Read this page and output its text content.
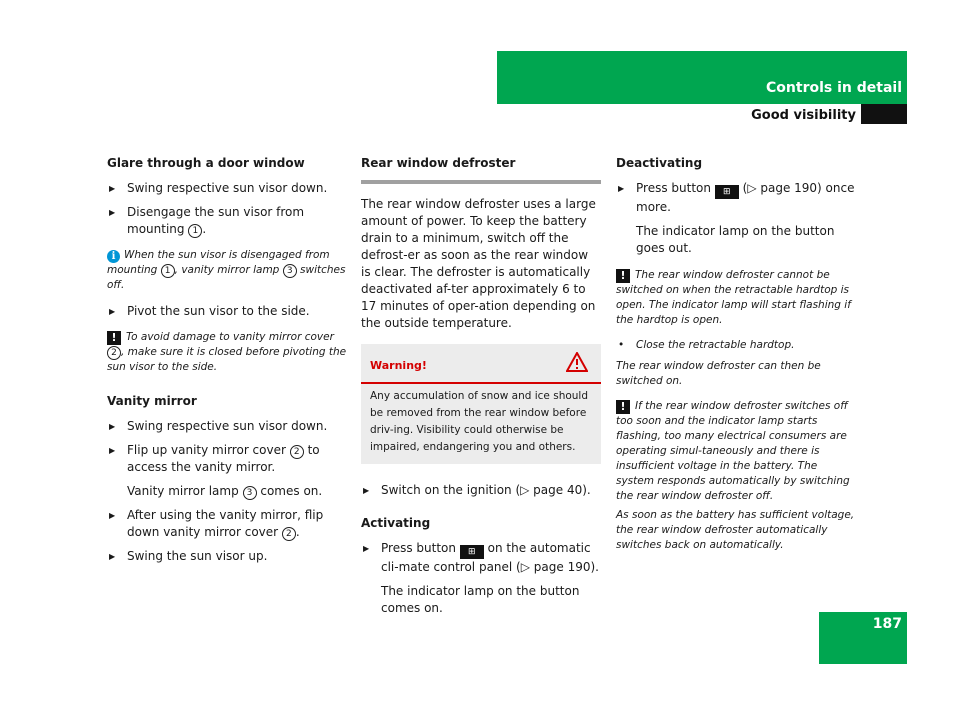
Controls in detail
Good visibility
Glare through a door window
▶ Swing respective sun visor down.
▶ Disengage the sun visor from mounting 1 .
i When the sun visor is disengaged from mounting 1 , vanity mirror lamp 3 switches off.
▶ Pivot the sun visor to the side.
! To avoid damage to vanity mirror cover 2 , make sure it is closed before pivoting the sun visor to the side.
Vanity mirror
▶ Swing respective sun visor down.
▶ Flip up vanity mirror cover 2 to access the vanity mirror.
Vanity mirror lamp 3 comes on.
▶ After using the vanity mirror, flip down vanity mirror cover 2 .
▶ Swing the sun visor up.
Rear window defroster
The rear window defroster uses a large amount of power. To keep the battery drain to a minimum, switch off the defrost-er as soon as the rear window is clear. The defroster is automatically deactivated af-ter approximately 6 to 17 minutes of oper-ation depending on the outside temperature.
Warning!
Any accumulation of snow and ice should be removed from the rear window before driv-ing. Visibility could otherwise be impaired, endangering you and others.
▶ Switch on the ignition (▷ page 40).
Activating
▶ Press button ⊞ on the automatic cli-mate control panel (▷ page 190).
The indicator lamp on the button comes on.
Deactivating
▶ Press button ⊞ (▷ page 190) once more.
The indicator lamp on the button goes out.
! The rear window defroster cannot be switched on when the retractable hardtop is open. The indicator lamp will start flashing if the hardtop is open.
• Close the retractable hardtop.
The rear window defroster can then be switched on.
! If the rear window defroster switches off too soon and the indicator lamp starts flashing, too many electrical consumers are operating simul-taneously and there is insufficient voltage in the battery. The system responds automatically by switching the rear window defroster off.
As soon as the battery has sufficient voltage, the rear window defroster automatically switches back on automatically.
187
